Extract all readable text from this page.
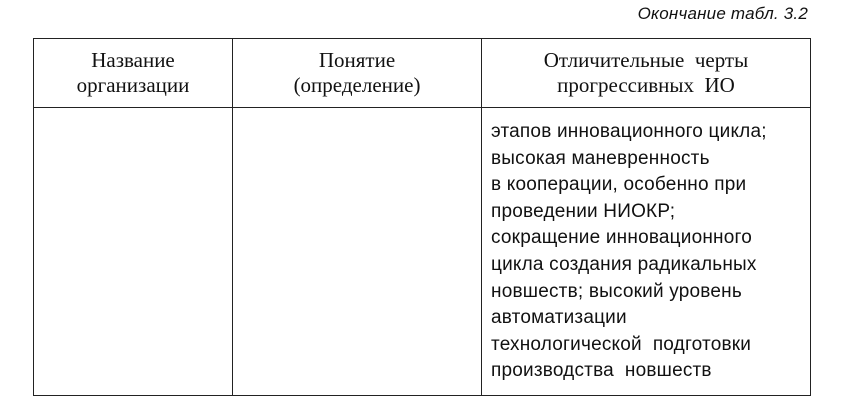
Окончание табл. 3.2
Название
организации
Понятие
(определение)
Отличительные  черты
прогрессивных  ИО
этапов инновационного цикла;
высокая маневренность
в кооперации, особенно при
проведении НИОКР;
сокращение инновационного
цикла создания радикальных
новшеств; высокий уровень
автоматизации
технологической  подготовки
производства  новшеств
